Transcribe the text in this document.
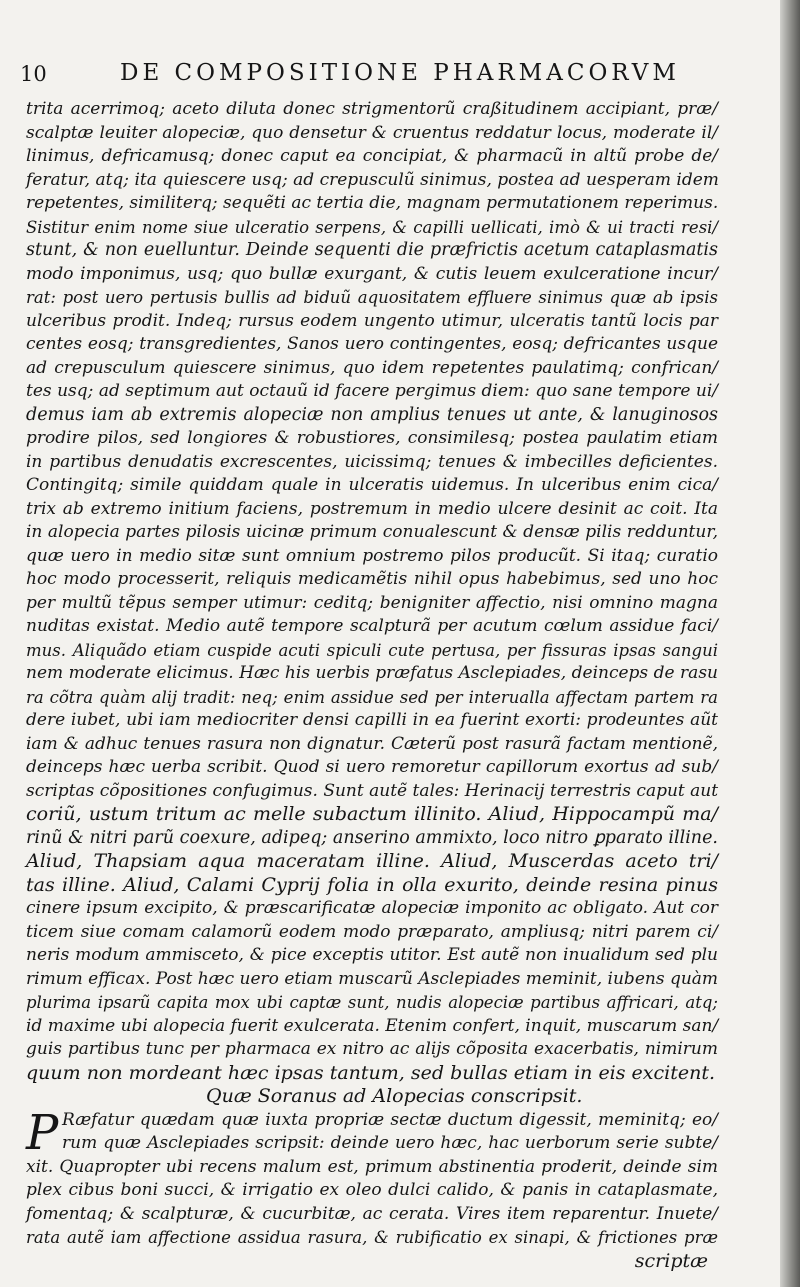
10	DE COMPOSITIONE PHARMACORVM
trita acerrimoq; aceto diluta donec strigmentorũ craßitudinem accipiant, præ/
scalptæ leuiter alopeciæ, quo densetur & cruentus reddatur locus, moderate il/
linimus, defricamusq; donec caput ea concipiat, & pharmacũ in altũ probe de/
feratur, atq; ita quiescere usq; ad crepusculũ sinimus, postea ad uesperam idem
repetentes, similiterq; sequẽti ac tertia die, magnam permutationem reperimus.
Sistitur enim nome siue ulceratio serpens, & capilli uellicati, imò & ui tracti resi/
stunt, & non euelluntur. Deinde sequenti die præfrictis acetum cataplasmatis
modo imponimus, usq; quo bullæ exurgant, & cutis leuem exulceratione incur/
rat: post uero pertusis bullis ad biduũ aquositatem effluere sinimus quæ ab ipsis
ulceribus prodit. Indeq; rursus eodem ungento utimur, ulceratis tantũ locis par
centes eosq; transgredientes, Sanos uero contingentes, eosq; defricantes usque
ad crepusculum quiescere sinimus, quo idem repetentes paulatimq; confrican/
tes usq; ad septimum aut octauũ id facere pergimus diem: quo sane tempore ui/
demus iam ab extremis alopeciæ non amplius tenues ut ante, & lanuginosos
prodire pilos, sed longiores & robustiores, consimilesq; postea paulatim etiam
in partibus denudatis excrescentes, uicissimq; tenues & imbecilles deficientes.
Contingitq; simile quiddam quale in ulceratis uidemus. In ulceribus enim cica/
trix ab extremo initium faciens, postremum in medio ulcere desinit ac coit. Ita
in alopecia partes pilosis uicinæ primum conualescunt & densæ pilis redduntur,
quæ uero in medio sitæ sunt omnium postremo pilos producũt. Si itaq; curatio
hoc modo processerit, reliquis medicamẽtis nihil opus habebimus, sed uno hoc
per multũ tẽpus semper utimur: ceditq; benigniter affectio, nisi omnino magna
nuditas existat. Medio autẽ tempore scalpturã per acutum cœlum assidue faci/
mus. Aliquãdo etiam cuspide acuti spiculi cute pertusa, per fissuras ipsas sangui
nem moderate elicimus. Hæc his uerbis præfatus Asclepiades, deinceps de rasu
ra cõtra quàm alij tradit: neq; enim assidue sed per interualla affectam partem ra
dere iubet, ubi iam mediocriter densi capilli in ea fuerint exorti: prodeuntes aũt
iam & adhuc tenues rasura non dignatur. Cæterũ post rasurã factam mentionẽ,
deinceps hæc uerba scribit. Quod si uero remoretur capillorum exortus ad sub/
scriptas cõpositiones confugimus. Sunt autẽ tales: Herinacij terrestris caput aut
coriũ, ustum tritum ac melle subactum illinito. Aliud, Hippocampũ ma/
rinũ & nitri parũ coexure, adipeq; anserino ammixto, loco nitro ꝑparato illine.
Aliud, Thapsiam aqua maceratam illine. Aliud, Muscerdas aceto tri/
tas illine. Aliud, Calami Cyprij folia in olla exurito, deinde resina pinus
cinere ipsum excipito, & præscarificatæ alopeciæ imponito ac obligato. Aut cor
ticem siue comam calamorũ eodem modo præparato, ampliusq; nitri parem ci/
neris modum ammisceto, & pice exceptis utitor. Est autẽ non inualidum sed plu
rimum efficax. Post hæc uero etiam muscarũ Asclepiades meminit, iubens quàm
plurima ipsarũ capita mox ubi captæ sunt, nudis alopeciæ partibus affricari, atq;
id maxime ubi alopecia fuerit exulcerata. Etenim confert, inquit, muscarum san/
guis partibus tunc per pharmaca ex nitro ac alijs cõposita exacerbatis, nimirum
quum non mordeant hæc ipsas tantum, sed bullas etiam in eis excitent.
Quæ Soranus ad Alopecias conscripsit.
P Ræfatur quædam quæ iuxta propriæ sectæ ductum digessit, meminitq; eo/
rum quæ Asclepiades scripsit: deinde uero hæc, hac uerborum serie subte/
xit. Quapropter ubi recens malum est, primum abstinentia proderit, deinde sim
plex cibus boni succi, & irrigatio ex oleo dulci calido, & panis in cataplasmate,
fomentaq; & scalpturæ, & cucurbitæ, ac cerata. Vires item reparentur. Inuete/
rata autẽ iam affectione assidua rasura, & rubificatio ex sinapi, & frictiones præ
scriptæ
